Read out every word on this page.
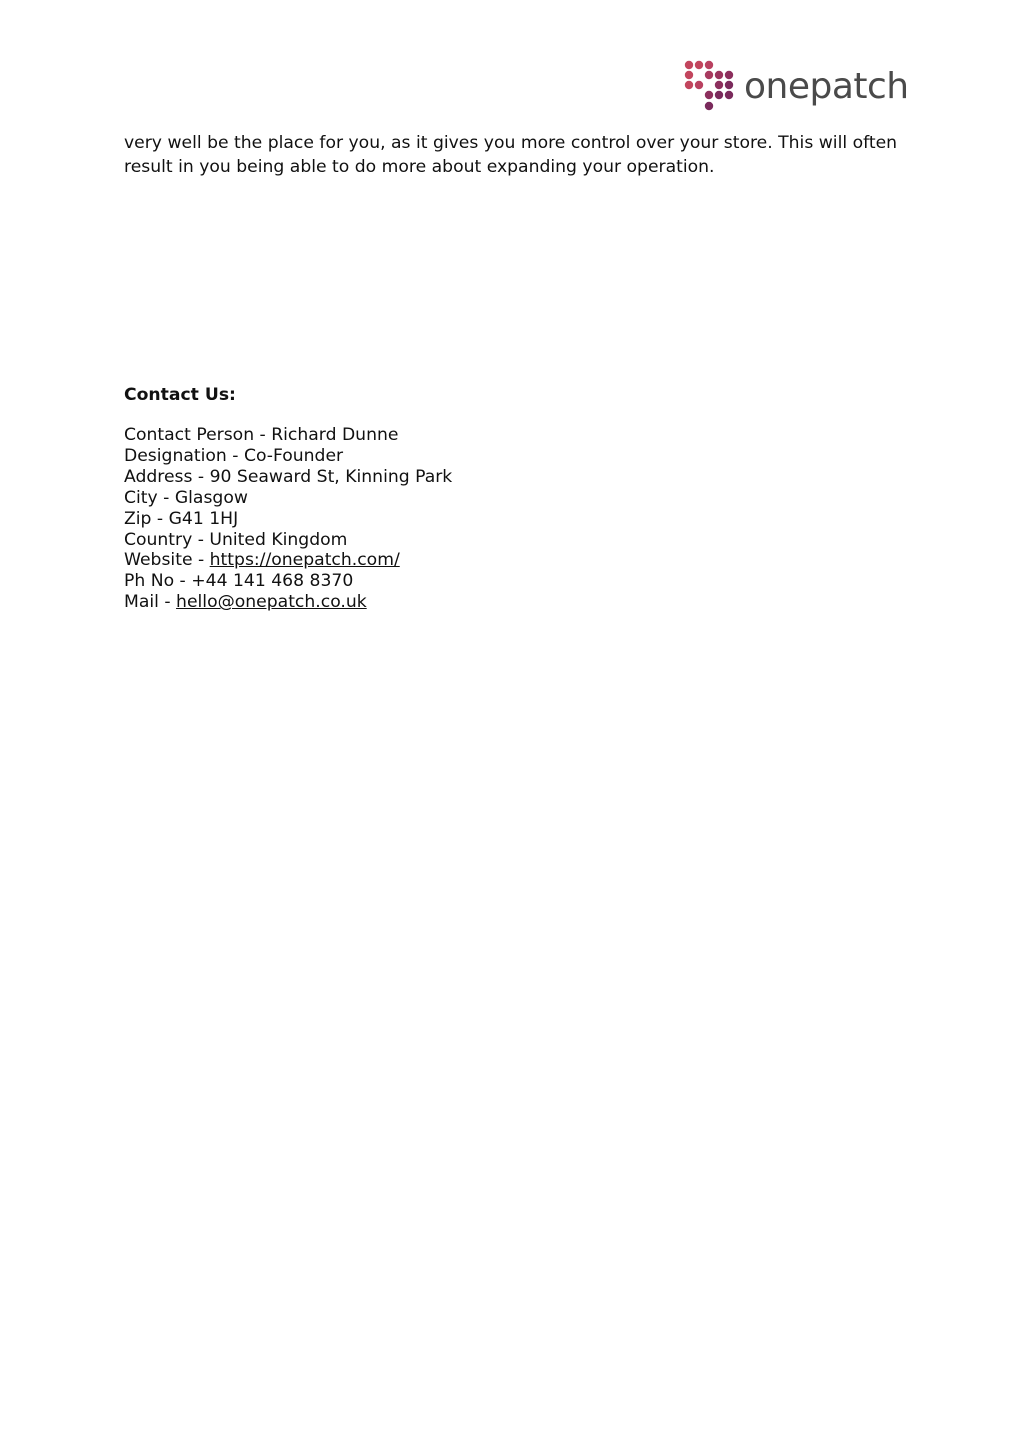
onepatch

very well be the place for you, as it gives you more control over your store. This will often result in you being able to do more about expanding your operation.

Contact Us:
Contact Person - Richard Dunne
Designation - Co-Founder
Address - 90 Seaward St, Kinning Park
City - Glasgow
Zip - G41 1HJ
Country - United Kingdom
Website - https://onepatch.com/
Ph No - +44 141 468 8370
Mail - hello@onepatch.co.uk
